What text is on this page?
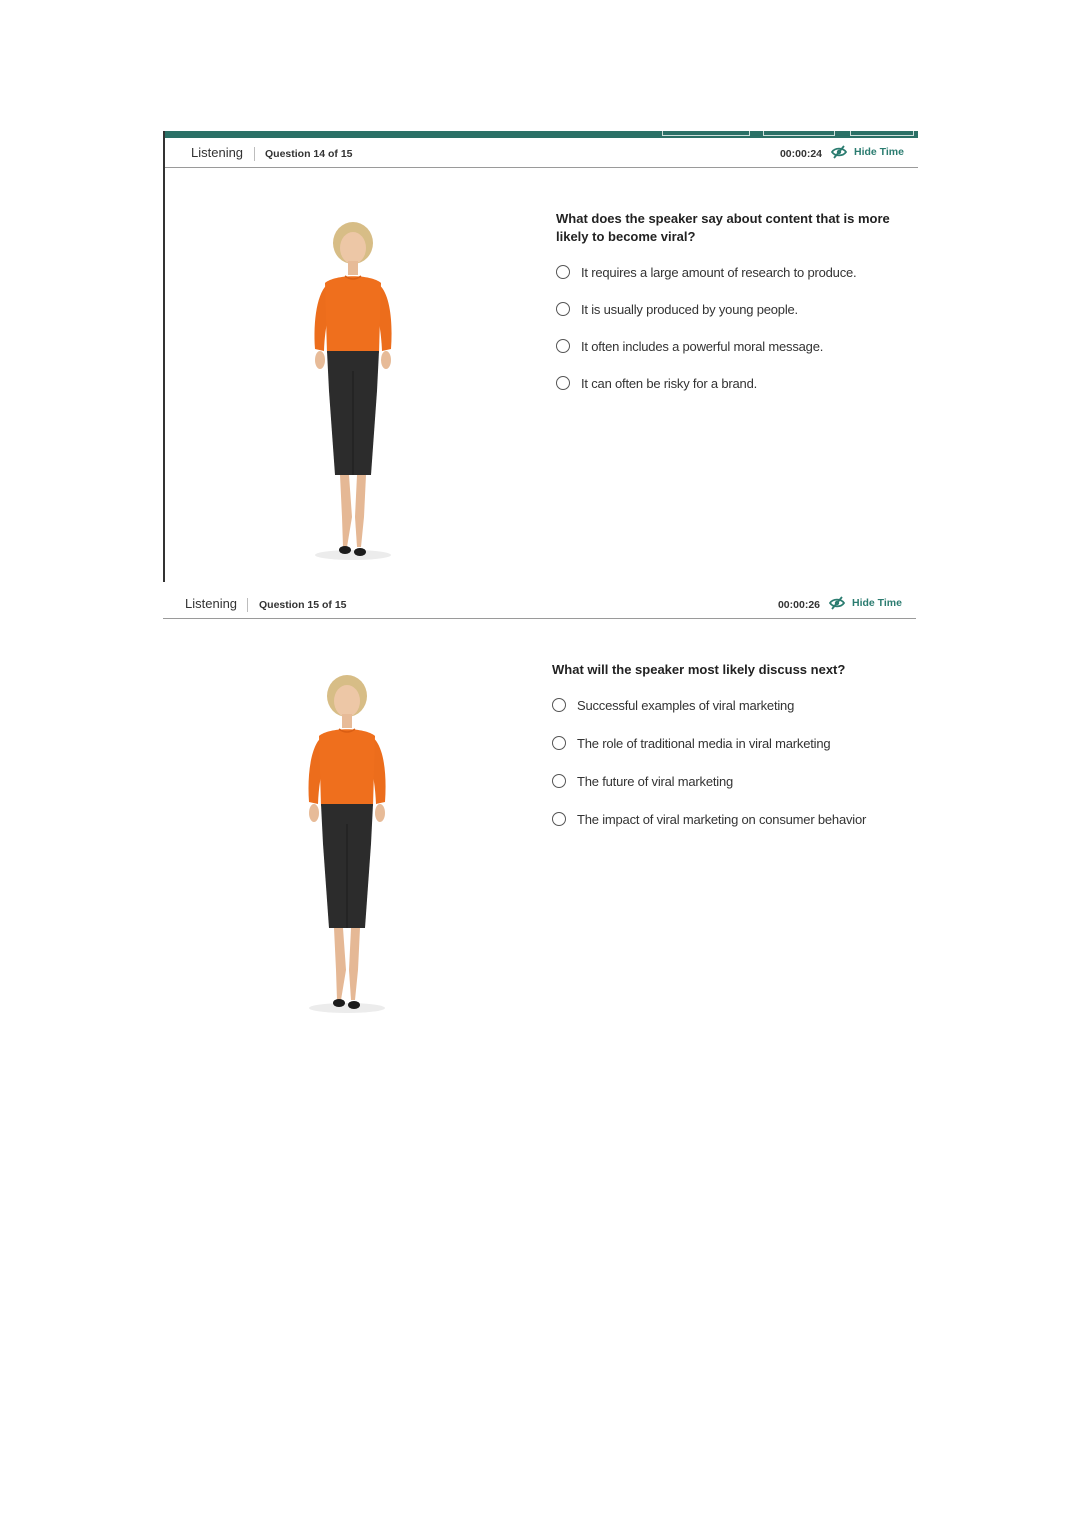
Listening Question 14 of 15	00:00:24	Hide Time

What does the speaker say about content that is more likely to become viral?

It requires a large amount of research to produce.
It is usually produced by young people.
It often includes a powerful moral message.
It can often be risky for a brand.
Listening Question 15 of 15	00:00:26	Hide Time

What will the speaker most likely discuss next?

Successful examples of viral marketing
The role of traditional media in viral marketing
The future of viral marketing
The impact of viral marketing on consumer behavior
